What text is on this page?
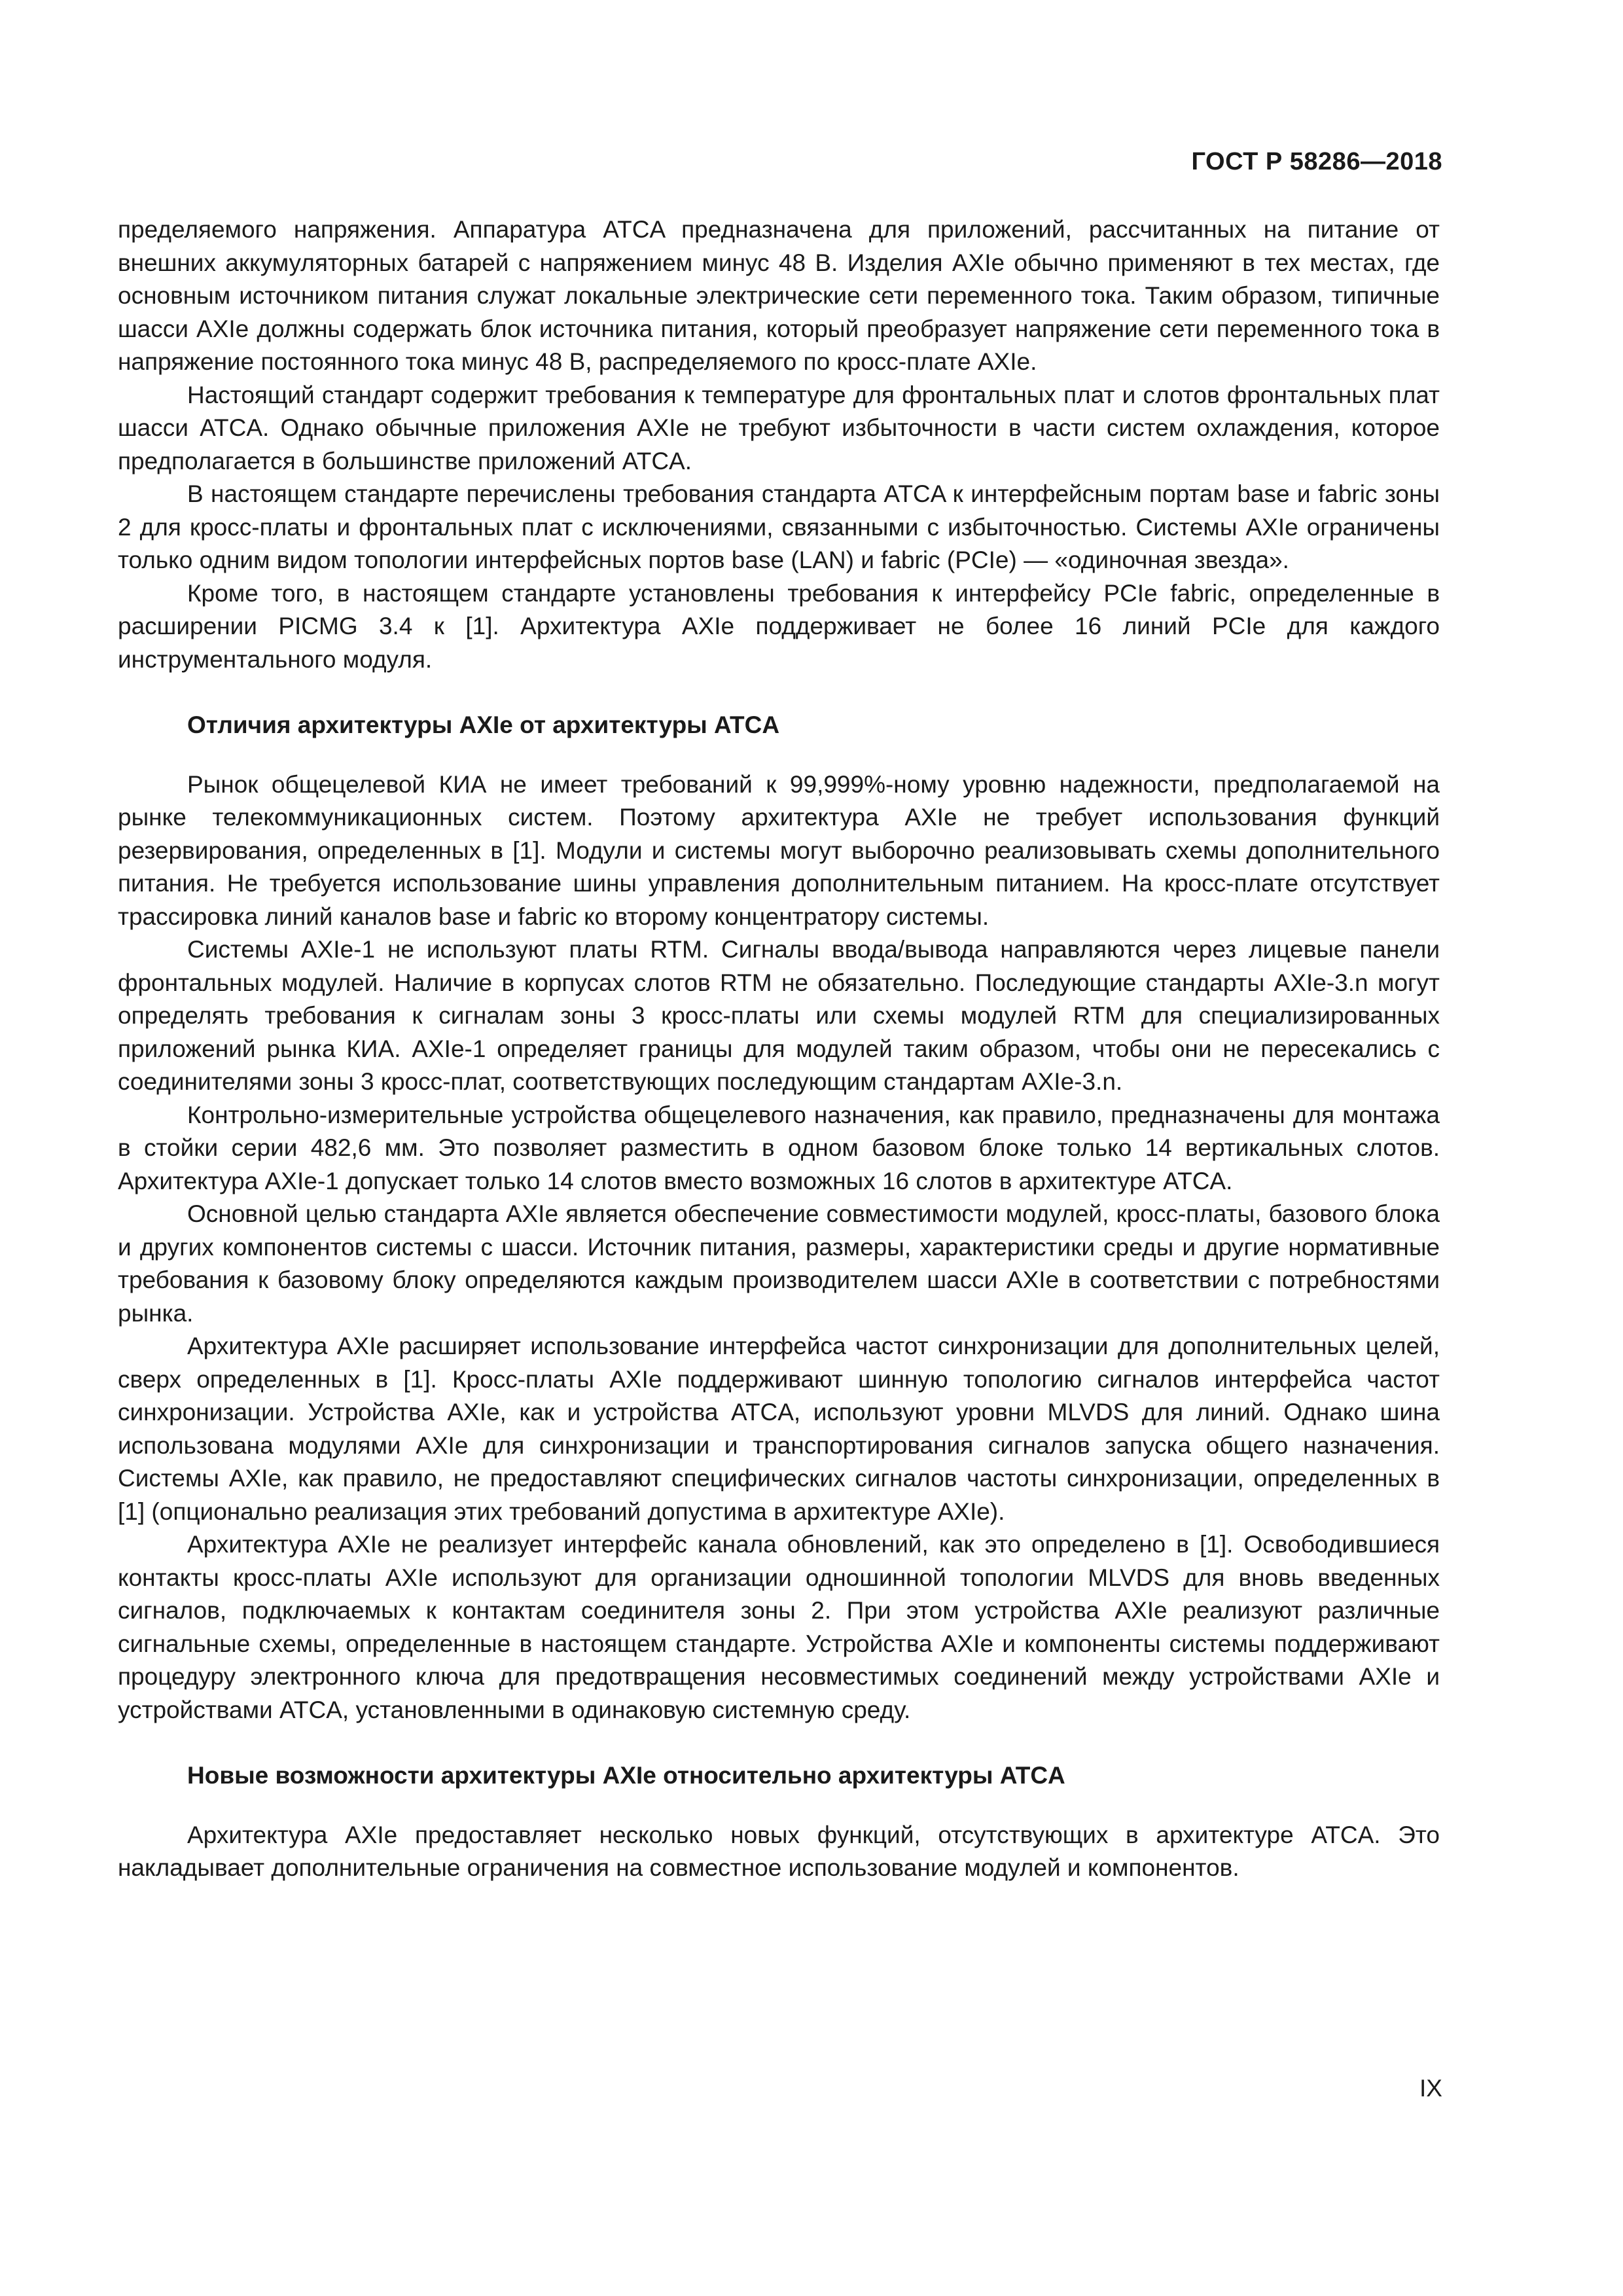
ГОСТ Р 58286—2018

пределяемого напряжения. Аппаратура ATCA предназначена для приложений, рассчитанных на питание от внешних аккумуляторных батарей с напряжением минус 48 В. Изделия AXIe обычно применяют в тех местах, где основным источником питания служат локальные электрические сети переменного тока. Таким образом, типичные шасси AXIe должны содержать блок источника питания, который преобразует напряжение сети переменного тока в напряжение постоянного тока минус 48 В, распределяемого по кросс-плате AXIe.

Настоящий стандарт содержит требования к температуре для фронтальных плат и слотов фронтальных плат шасси ATCA. Однако обычные приложения AXIe не требуют избыточности в части систем охлаждения, которое предполагается в большинстве приложений ATCA.

В настоящем стандарте перечислены требования стандарта ATCA к интерфейсным портам base и fabric зоны 2 для кросс-платы и фронтальных плат с исключениями, связанными с избыточностью. Системы AXIe ограничены только одним видом топологии интерфейсных портов base (LAN) и fabric (PCIe) — «одиночная звезда».

Кроме того, в настоящем стандарте установлены требования к интерфейсу PCIe fabric, определенные в расширении PICMG 3.4 к [1]. Архитектура AXIe поддерживает не более 16 линий PCIe для каждого инструментального модуля.

Отличия архитектуры AXIe от архитектуры ATCA

Рынок общецелевой КИА не имеет требований к 99,999%-ному уровню надежности, предполагаемой на рынке телекоммуникационных систем. Поэтому архитектура AXIe не требует использования функций резервирования, определенных в [1]. Модули и системы могут выборочно реализовывать схемы дополнительного питания. Не требуется использование шины управления дополнительным питанием. На кросс-плате отсутствует трассировка линий каналов base и fabric ко второму концентратору системы.

Системы AXIe-1 не используют платы RTM. Сигналы ввода/вывода направляются через лицевые панели фронтальных модулей. Наличие в корпусах слотов RTM не обязательно. Последующие стандарты AXIe-3.n могут определять требования к сигналам зоны 3 кросс-платы или схемы модулей RTM для специализированных приложений рынка КИА. AXIe-1 определяет границы для модулей таким образом, чтобы они не пересекались с соединителями зоны 3 кросс-плат, соответствующих последующим стандартам AXIe-3.n.

Контрольно-измерительные устройства общецелевого назначения, как правило, предназначены для монтажа в стойки серии 482,6 мм. Это позволяет разместить в одном базовом блоке только 14 вертикальных слотов. Архитектура AXIe-1 допускает только 14 слотов вместо возможных 16 слотов в архитектуре ATCA.

Основной целью стандарта AXIe является обеспечение совместимости модулей, кросс-платы, базового блока и других компонентов системы с шасси. Источник питания, размеры, характеристики среды и другие нормативные требования к базовому блоку определяются каждым производителем шасси AXIe в соответствии с потребностями рынка.

Архитектура AXIe расширяет использование интерфейса частот синхронизации для дополнительных целей, сверх определенных в [1]. Кросс-платы AXIe поддерживают шинную топологию сигналов интерфейса частот синхронизации. Устройства AXIe, как и устройства ATCA, используют уровни MLVDS для линий. Однако шина использована модулями AXIe для синхронизации и транспортирования сигналов запуска общего назначения. Системы AXIe, как правило, не предоставляют специфических сигналов частоты синхронизации, определенных в [1] (опционально реализация этих требований допустима в архитектуре AXIe).

Архитектура AXIe не реализует интерфейс канала обновлений, как это определено в [1]. Освободившиеся контакты кросс-платы AXIe используют для организации одношинной топологии MLVDS для вновь введенных сигналов, подключаемых к контактам соединителя зоны 2. При этом устройства AXIe реализуют различные сигнальные схемы, определенные в настоящем стандарте. Устройства AXIe и компоненты системы поддерживают процедуру электронного ключа для предотвращения несовместимых соединений между устройствами AXIe и устройствами ATCA, установленными в одинаковую системную среду.

Новые возможности архитектуры AXIe относительно архитектуры ATCA

Архитектура AXIe предоставляет несколько новых функций, отсутствующих в архитектуре ATCA. Это накладывает дополнительные ограничения на совместное использование модулей и компонентов.

IX
